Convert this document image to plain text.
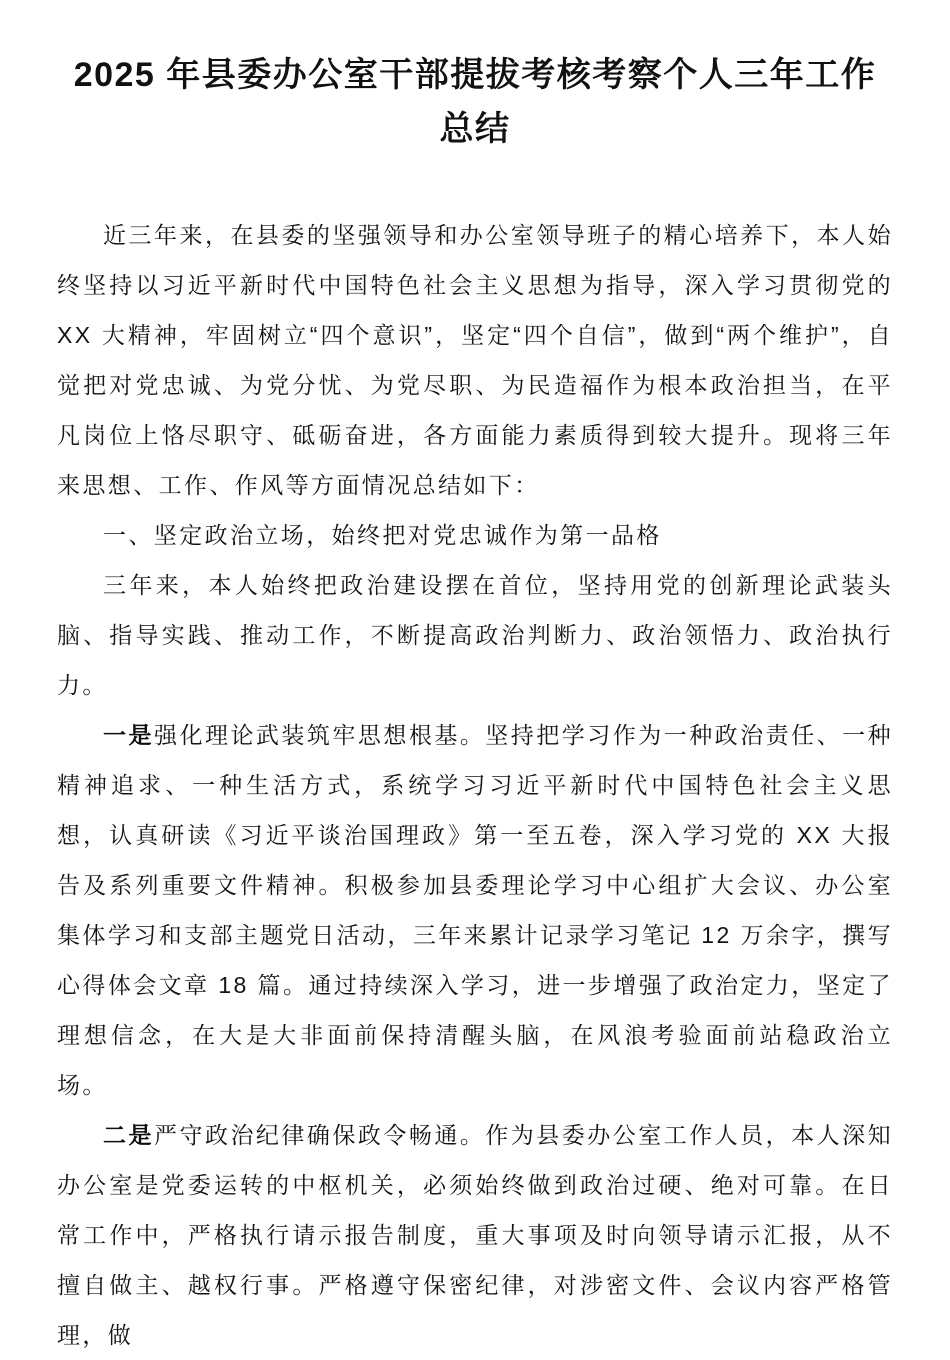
2025 年县委办公室干部提拔考核考察个人三年工作总结

近三年来，在县委的坚强领导和办公室领导班子的精心培养下，本人始终坚持以习近平新时代中国特色社会主义思想为指导，深入学习贯彻党的 XX 大精神，牢固树立“四个意识”，坚定“四个自信”，做到“两个维护”，自觉把对党忠诚、为党分忧、为党尽职、为民造福作为根本政治担当，在平凡岗位上恪尽职守、砥砺奋进，各方面能力素质得到较大提升。现将三年来思想、工作、作风等方面情况总结如下：

一、坚定政治立场，始终把对党忠诚作为第一品格

三年来，本人始终把政治建设摆在首位，坚持用党的创新理论武装头脑、指导实践、推动工作，不断提高政治判断力、政治领悟力、政治执行力。

一是强化理论武装筑牢思想根基。坚持把学习作为一种政治责任、一种精神追求、一种生活方式，系统学习习近平新时代中国特色社会主义思想，认真研读《习近平谈治国理政》第一至五卷，深入学习党的 XX 大报告及系列重要文件精神。积极参加县委理论学习中心组扩大会议、办公室集体学习和支部主题党日活动，三年来累计记录学习笔记 12 万余字，撰写心得体会文章 18 篇。通过持续深入学习，进一步增强了政治定力，坚定了理想信念，在大是大非面前保持清醒头脑，在风浪考验面前站稳政治立场。

二是严守政治纪律确保政令畅通。作为县委办公室工作人员，本人深知办公室是党委运转的中枢机关，必须始终做到政治过硬、绝对可靠。在日常工作中，严格执行请示报告制度，重大事项及时向领导请示汇报，从不擅自做主、越权行事。严格遵守保密纪律，对涉密文件、会议内容严格管理，做
